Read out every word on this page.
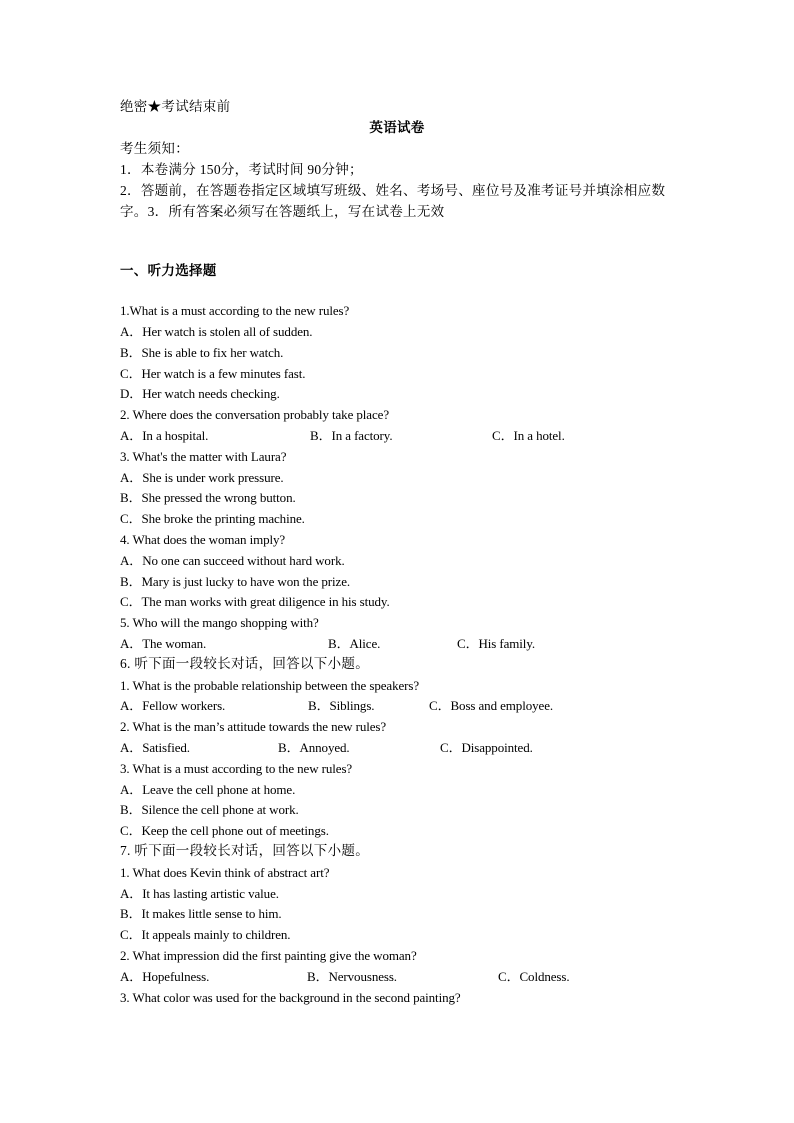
绝密★考试结束前
英语试卷
考生须知：
1．本卷满分 150分，考试时间 90分钟；
2．答题前，在答题卷指定区域填写班级、姓名、考场号、座位号及准考证号并填涂相应数
字。3．所有答案必须写在答题纸上，写在试卷上无效
一、听力选择题
1.What is a must according to the new rules?
A．Her watch is stolen all of sudden.
B．She is able to fix her watch.
C．Her watch is a few minutes fast.
D．Her watch needs checking.
2. Where does the conversation probably take place?
A．In a hospital.	B．In a factory.	C．In a hotel.
3. What's the matter with Laura?
A．She is under work pressure.
B．She pressed the wrong button.
C．She broke the printing machine.
4. What does the woman imply?
A．No one can succeed without hard work.
B．Mary is just lucky to have won the prize.
C．The man works with great diligence in his study.
5. Who will the mango shopping with?
A．The woman.	B．Alice.	C．His family.
6. 听下面一段较长对话，回答以下小题。
1. What is the probable relationship between the speakers?
A．Fellow workers.	B．Siblings.	C．Boss and employee.
2. What is the man’s attitude towards the new rules?
A．Satisfied.	B．Annoyed.	C．Disappointed.
3. What is a must according to the new rules?
A．Leave the cell phone at home.
B．Silence the cell phone at work.
C．Keep the cell phone out of meetings.
7. 听下面一段较长对话，回答以下小题。
1. What does Kevin think of abstract art?
A．It has lasting artistic value.
B．It makes little sense to him.
C．It appeals mainly to children.
2. What impression did the first painting give the woman?
A．Hopefulness.	B．Nervousness.	C．Coldness.
3. What color was used for the background in the second painting?
